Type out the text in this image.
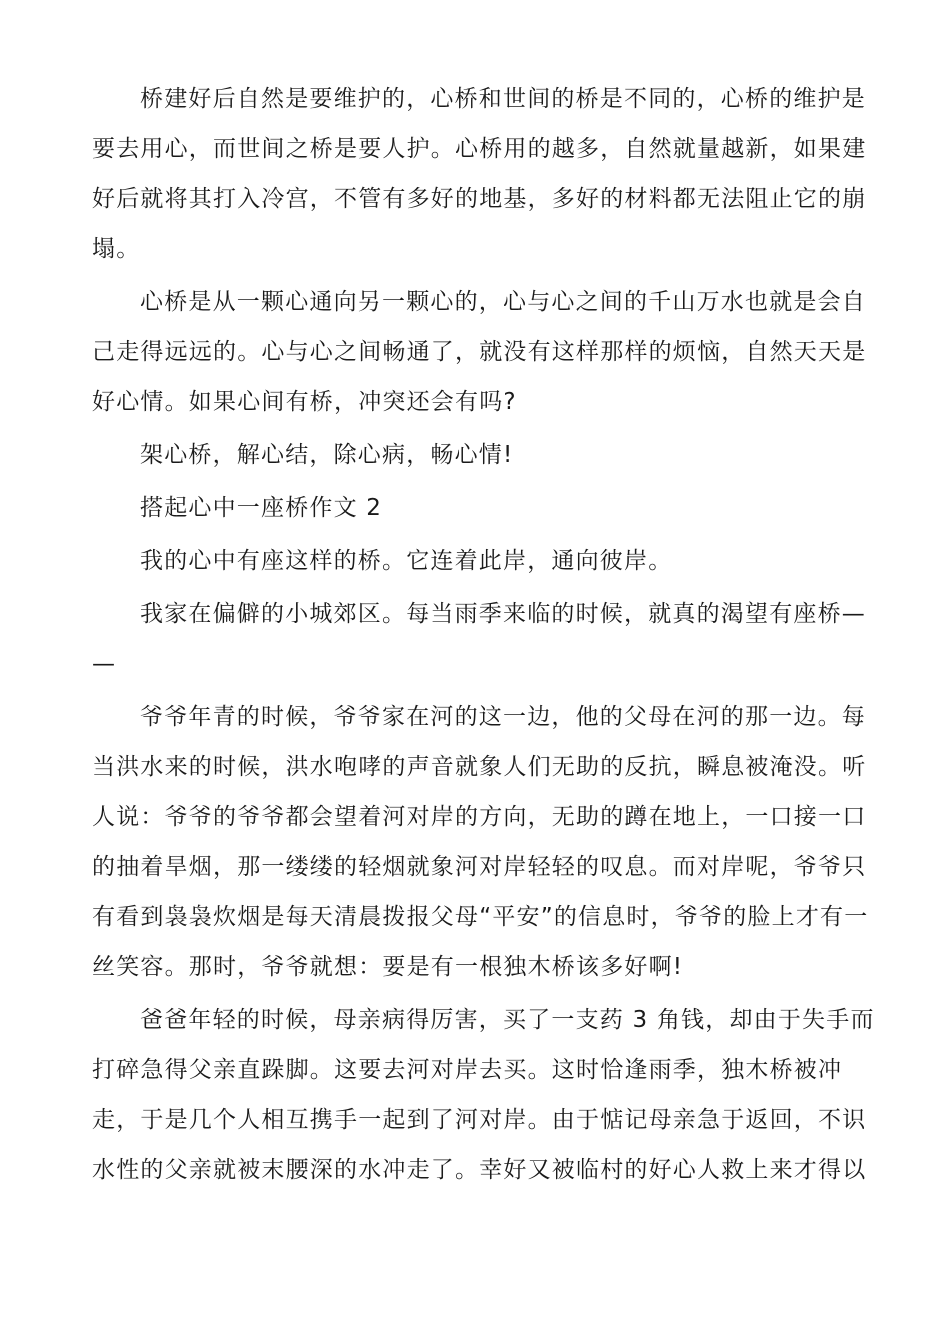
桥建好后自然是要维护的，心桥和世间的桥是不同的，心桥的维护是
要去用心，而世间之桥是要人护。心桥用的越多，自然就量越新，如果建
好后就将其打入冷宫，不管有多好的地基，多好的材料都无法阻止它的崩
塌。
心桥是从一颗心通向另一颗心的，心与心之间的千山万水也就是会自
己走得远远的。心与心之间畅通了，就没有这样那样的烦恼，自然天天是
好心情。如果心间有桥，冲突还会有吗?
架心桥，解心结，除心病，畅心情!
搭起心中一座桥作文 2
我的心中有座这样的桥。它连着此岸，通向彼岸。
我家在偏僻的小城郊区。每当雨季来临的时候，就真的渴望有座桥—
—
爷爷年青的时候，爷爷家在河的这一边，他的父母在河的那一边。每
当洪水来的时候，洪水咆哮的声音就象人们无助的反抗，瞬息被淹没。听
人说：爷爷的爷爷都会望着河对岸的方向，无助的蹲在地上，一口接一口
的抽着旱烟，那一缕缕的轻烟就象河对岸轻轻的叹息。而对岸呢，爷爷只
有看到袅袅炊烟是每天清晨拨报父母“平安”的信息时，爷爷的脸上才有一
丝笑容。那时，爷爷就想：要是有一根独木桥该多好啊!
爸爸年轻的时候，母亲病得厉害，买了一支药 3 角钱，却由于失手而
打碎急得父亲直跺脚。这要去河对岸去买。这时恰逢雨季，独木桥被冲
走，于是几个人相互携手一起到了河对岸。由于惦记母亲急于返回，不识
水性的父亲就被末腰深的水冲走了。幸好又被临村的好心人救上来才得以
